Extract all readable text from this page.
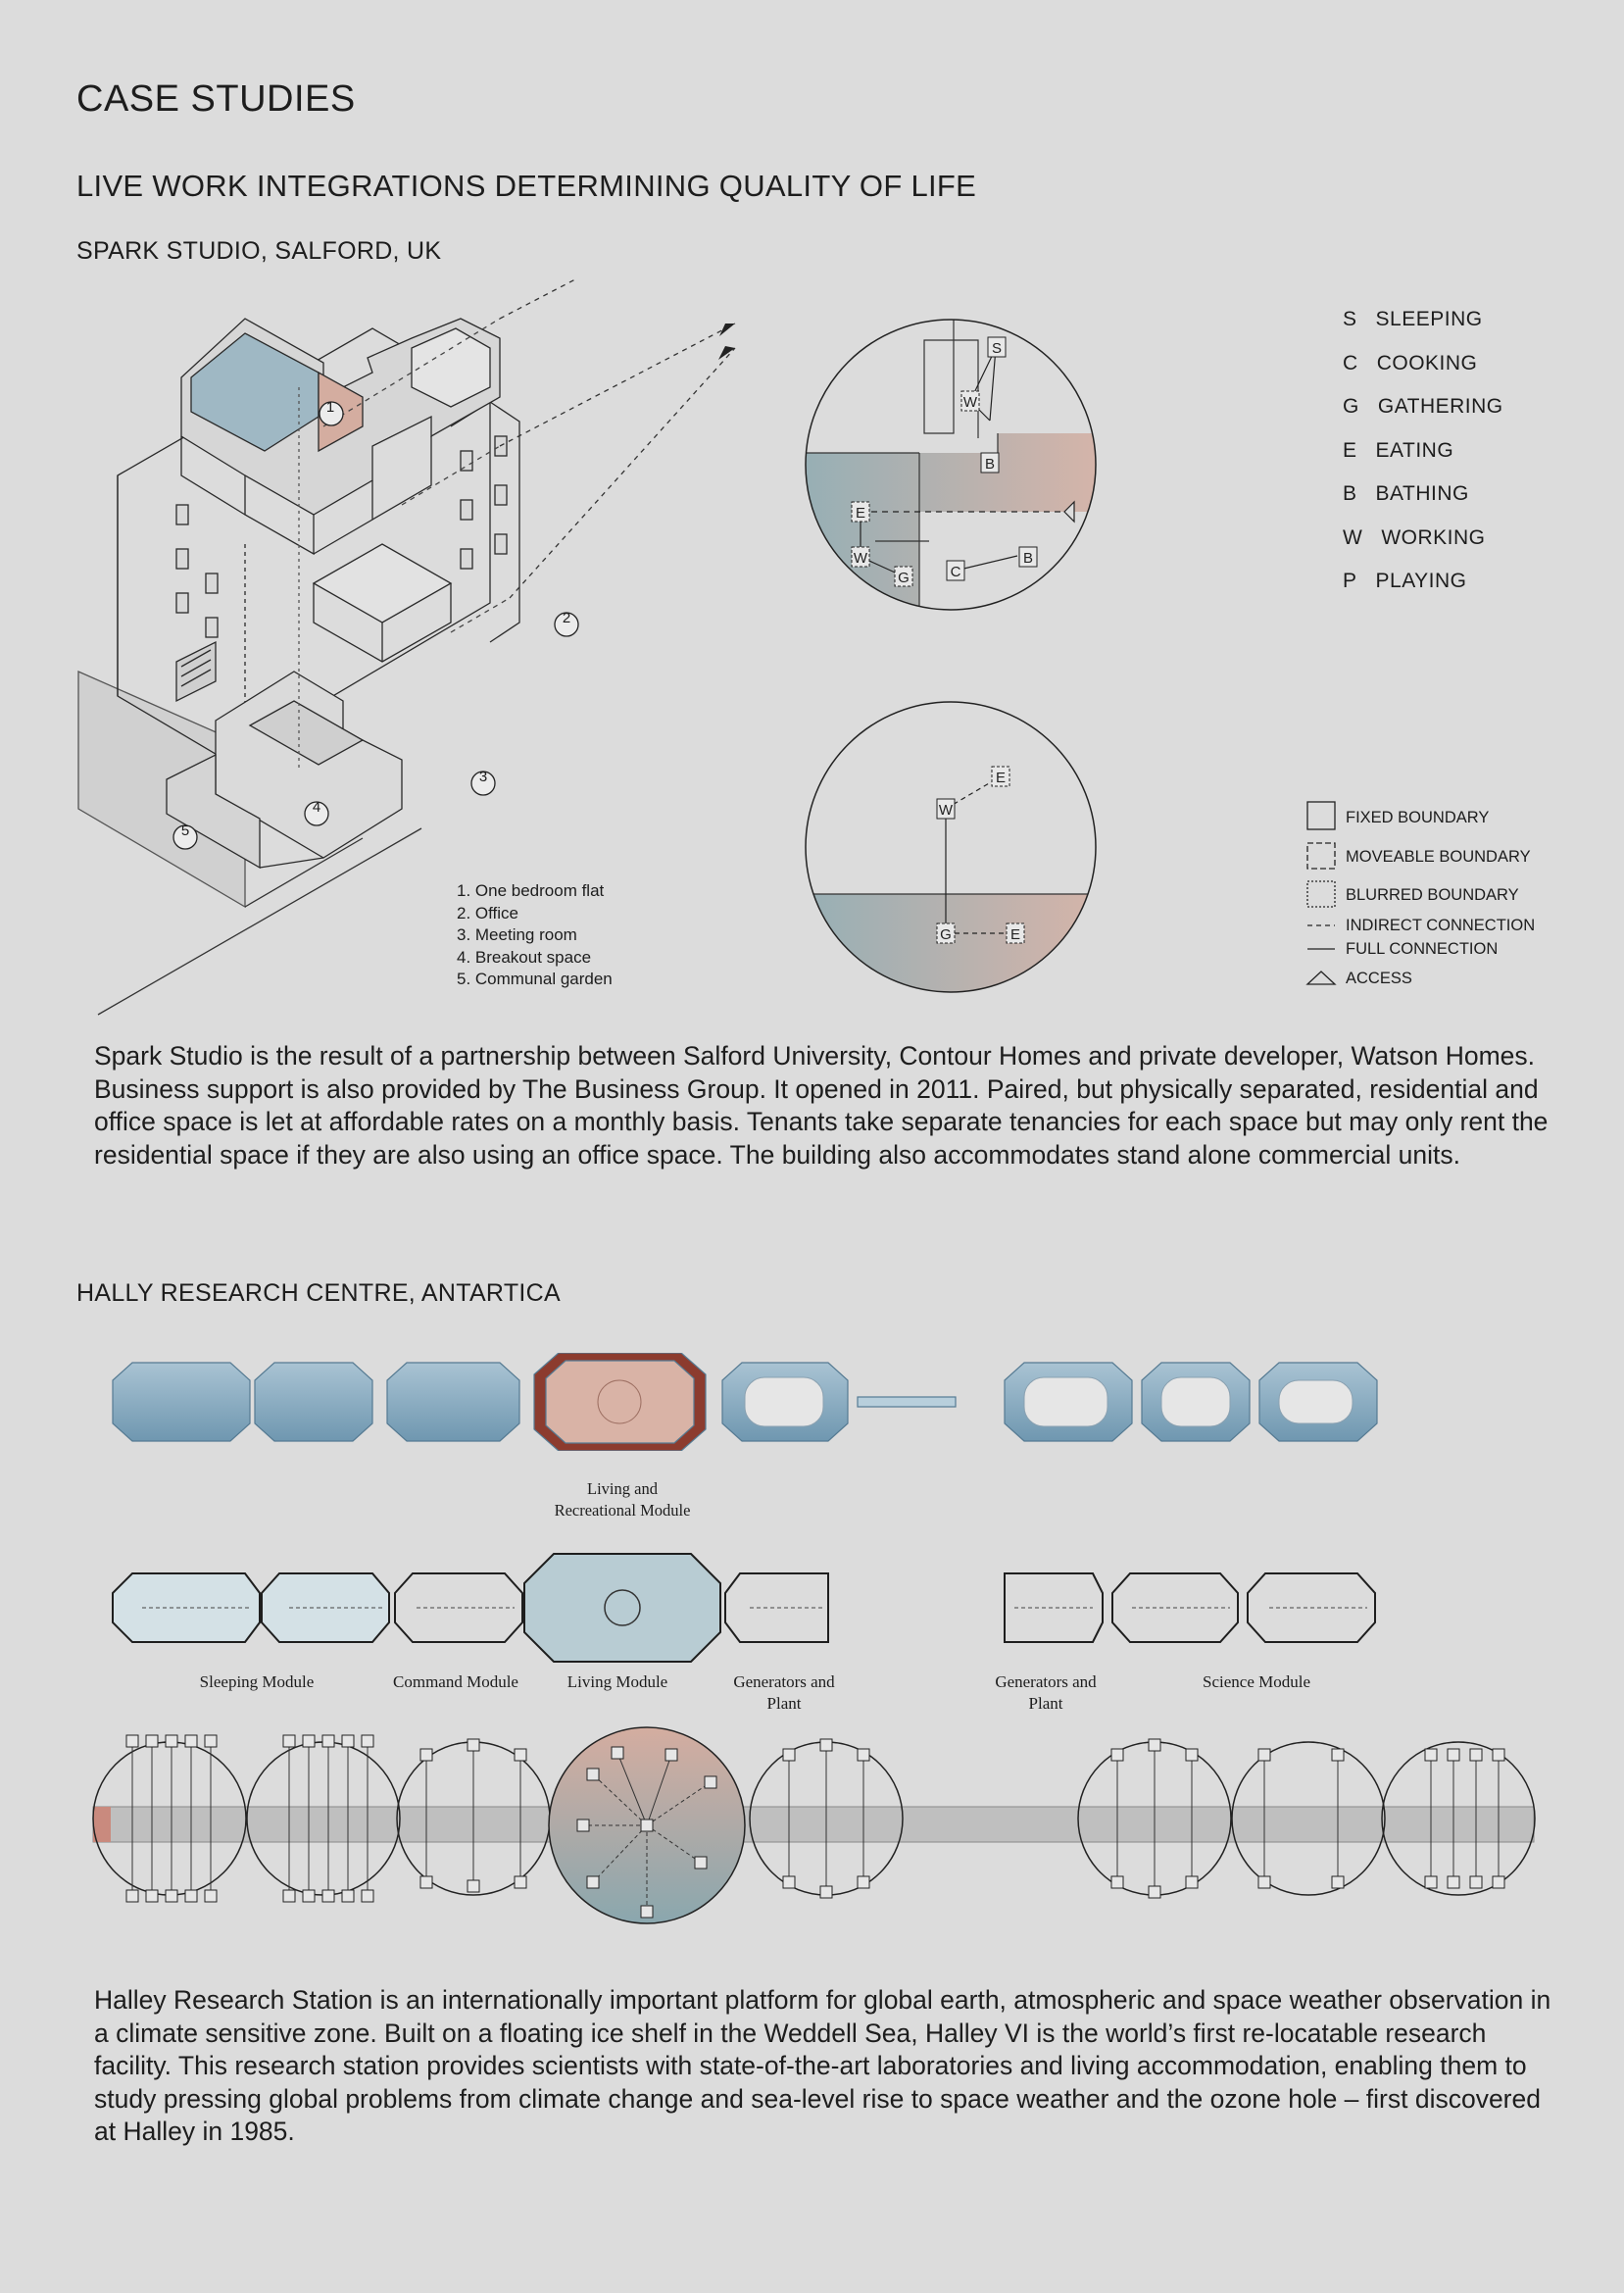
CASE STUDIES
LIVE WORK INTEGRATIONS DETERMINING QUALITY OF LIFE
SPARK STUDIO, SALFORD, UK
1
2
3
4
5
1. One bedroom flat
2. Office
3. Meeting room
4. Breakout space
5. Communal garden
S
W
B
E
W
G	C
B
W
E
G	E
S SLEEPING
C COOKING
G GATHERING
E EATING
B BATHING
W WORKING
P PLAYING
FIXED BOUNDARY
MOVEABLE BOUNDARY
BLURRED BOUNDARY
INDIRECT CONNECTION
FULL CONNECTION
ACCESS
Spark Studio is the result of a partnership between Salford University, Contour Homes and private developer, Watson Homes. Business support is also provided by The Business Group. It opened in 2011. Paired, but physically separated, residential and office space is let at affordable rates on a monthly basis. Tenants take separate tenancies for each space but may only rent the residential space if they are also using an office space. The building also accommodates stand alone commercial units.
HALLY RESEARCH CENTRE, ANTARTICA
Living and
Recreational Module
Sleeping Module	Command Module	Living Module	Generators and
Plant
Generators and
Plant
Science Module
Halley Research Station is an internationally important platform for global earth, atmospheric and space weather observation in a climate sensitive zone. Built on a floating ice shelf in the Weddell Sea, Halley VI is the world’s first re-locatable research facility. This research station provides scientists with state-of-the-art laboratories and living accommodation, enabling them to study pressing global problems from climate change and sea-level rise to space weather and the ozone hole – first discovered at Halley in 1985.
